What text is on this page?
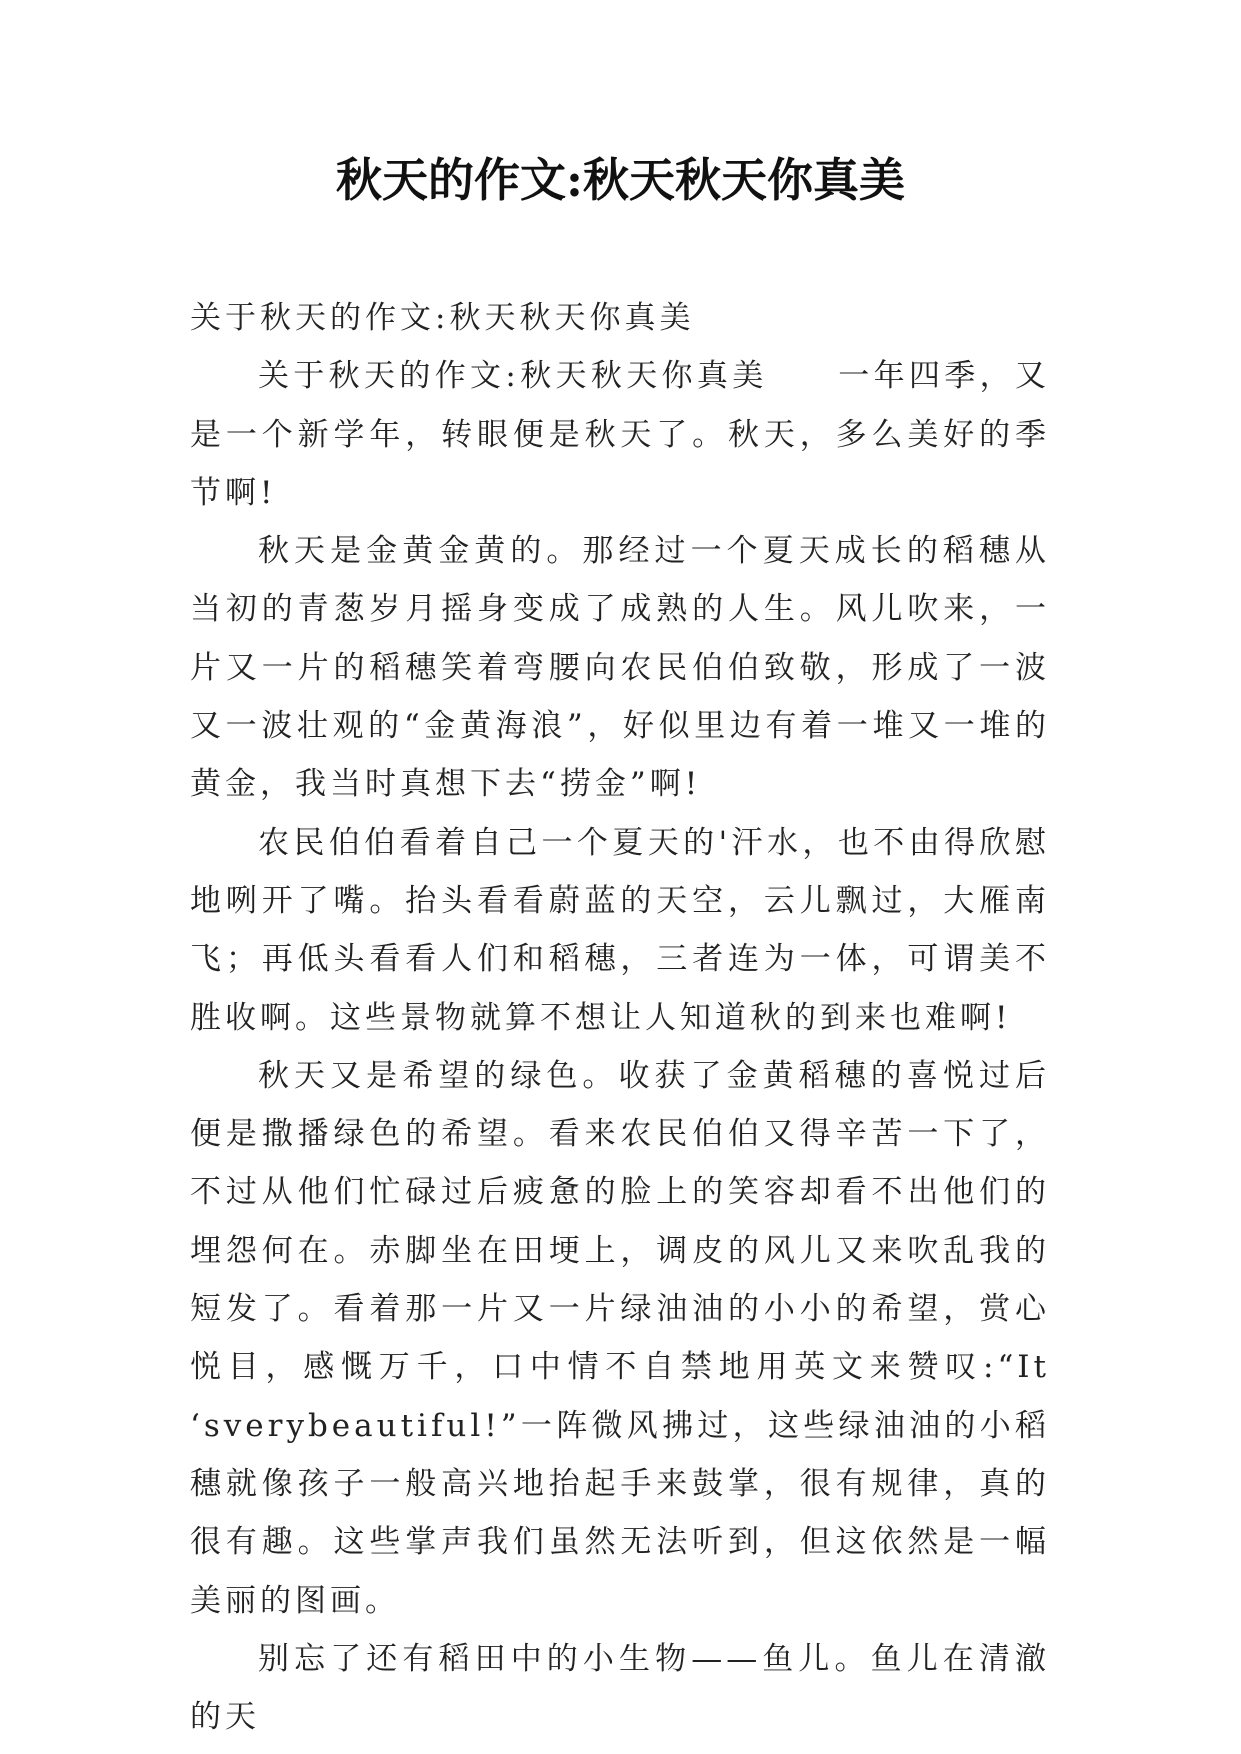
秋天的作文:秋天秋天你真美

关于秋天的作文:秋天秋天你真美

关于秋天的作文:秋天秋天你真美　　一年四季，又是一个新学年，转眼便是秋天了。秋天，多么美好的季节啊!

秋天是金黄金黄的。那经过一个夏天成长的稻穗从当初的青葱岁月摇身变成了成熟的人生。风儿吹来，一片又一片的稻穗笑着弯腰向农民伯伯致敬，形成了一波又一波壮观的“金黄海浪”，好似里边有着一堆又一堆的黄金，我当时真想下去“捞金”啊!

农民伯伯看着自己一个夏天的'汗水，也不由得欣慰地咧开了嘴。抬头看看蔚蓝的天空，云儿飘过，大雁南飞；再低头看看人们和稻穗，三者连为一体，可谓美不胜收啊。这些景物就算不想让人知道秋的到来也难啊!

秋天又是希望的绿色。收获了金黄稻穗的喜悦过后便是撒播绿色的希望。看来农民伯伯又得辛苦一下了，不过从他们忙碌过后疲惫的脸上的笑容却看不出他们的埋怨何在。赤脚坐在田埂上，调皮的风儿又来吹乱我的短发了。看着那一片又一片绿油油的小小的希望，赏心悦目，感慨万千，口中情不自禁地用英文来赞叹:“It ‘sverybeautiful!”一阵微风拂过，这些绿油油的小稻穗就像孩子一般高兴地抬起手来鼓掌，很有规律，真的很有趣。这些掌声我们虽然无法听到，但这依然是一幅美丽的图画。

别忘了还有稻田中的小生物——鱼儿。鱼儿在清澈的天
